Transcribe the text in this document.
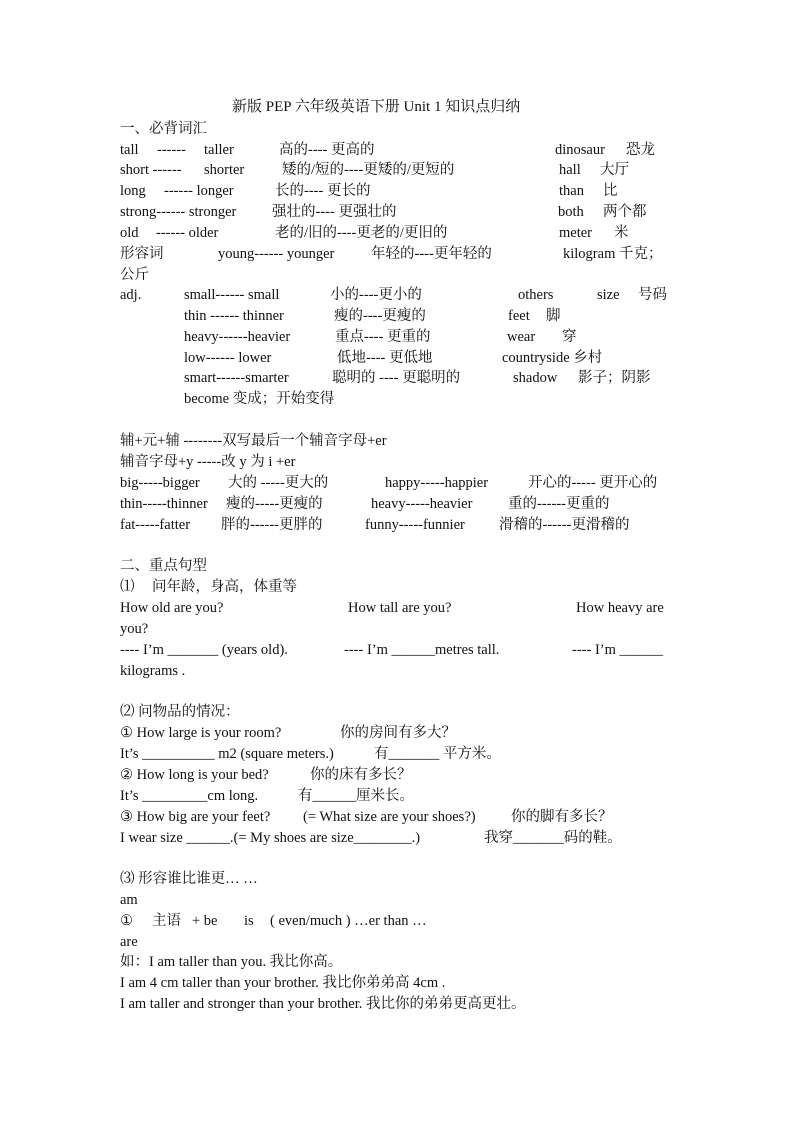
新版 PEP 六年级英语下册 Unit 1 知识点归纳
一、必背词汇
tall ------ taller	高的---- 更高的	dinosaur 恐龙
short ------ shorter	矮的/短的----更矮的/更短的	hall 大厅
long ------ longer	长的---- 更长的	than 比
strong------ stronger 强壮的---- 更强壮的	both 两个都
old ------ older	老的/旧的----更老的/更旧的	meter 米
形容词	young------ younger	年轻的----更年轻的	kilogram 千克；
公斤
adj.	small------ small	小的----更小的	others	size 号码
thin ------ thinner	瘦的----更瘦的	feet 脚
heavy------heavier	重点---- 更重的	wear 穿
low------ lower	低地---- 更低地	countryside 乡村
smart------smarter	聪明的 ---- 更聪明的	shadow 影子；阴影
become 变成；开始变得
辅+元+辅 --------双写最后一个辅音字母+er
辅音字母+y -----改 y 为 i +er
big-----bigger 大的 -----更大的	happy-----happier	开心的----- 更开心的
thin-----thinner 瘦的-----更瘦的	heavy-----heavier 重的------更重的
fat-----fatter 胖的------更胖的	funny-----funnier 滑稽的------更滑稽的
二、重点句型
⑴ 问年龄，身高，体重等
How old are you?	How tall are you?	How heavy are
you?
---- I’m _______ (years old).	---- I’m ______metres tall.	---- I’m ______
kilograms .
⑵ 问物品的情况：
① How large is your room?	你的房间有多大？
It’s __________ m2 (square meters.)	有_______ 平方米。
② How long is your bed?	你的床有多长？
It’s _________cm long.	有______厘米长。
③ How big are your feet? (= What size are your shoes?) 你的脚有多长？
I wear size ______.(= My shoes are size________.)	我穿_______码的鞋。
⑶ 形容谁比谁更… …
am
① 主语 + be is ( even/much ) …er than …
are
如：I am taller than you. 我比你高。
I am 4 cm taller than your brother. 我比你弟弟高 4cm .
I am taller and stronger than your brother. 我比你的弟弟更高更壮。
